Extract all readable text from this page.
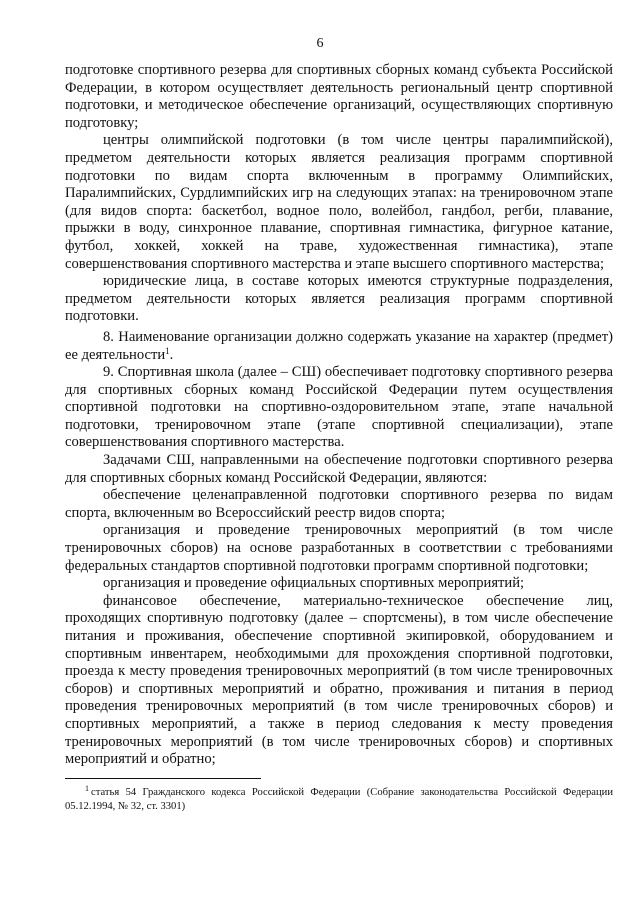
6

подготовке спортивного резерва для спортивных сборных команд субъекта Российской Федерации, в котором осуществляет деятельность региональный центр спортивной подготовки, и методическое обеспечение организаций, осуществляющих спортивную подготовку;

центры олимпийской подготовки (в том числе центры паралимпийской), предметом деятельности которых является реализация программ спортивной подготовки по видам спорта включенным в программу Олимпийских, Паралимпийских, Сурдлимпийских игр на следующих этапах: на тренировочном этапе (для видов спорта: баскетбол, водное поло, волейбол, гандбол, регби, плавание, прыжки в воду, синхронное плавание, спортивная гимнастика, фигурное катание, футбол, хоккей, хоккей на траве, художественная гимнастика), этапе совершенствования спортивного мастерства и этапе высшего спортивного мастерства;

юридические лица, в составе которых имеются структурные подразделения, предметом деятельности которых является реализация программ спортивной подготовки.

8. Наименование организации должно содержать указание на характер (предмет) ее деятельности$^1$.

9. Спортивная школа (далее – СШ) обеспечивает подготовку спортивного резерва для спортивных сборных команд Российской Федерации путем осуществления спортивной подготовки на спортивно-оздоровительном этапе, этапе начальной подготовки, тренировочном этапе (этапе спортивной специализации), этапе совершенствования спортивного мастерства.

Задачами СШ, направленными на обеспечение подготовки спортивного резерва для спортивных сборных команд Российской Федерации, являются:

обеспечение целенаправленной подготовки спортивного резерва по видам спорта, включенным во Всероссийский реестр видов спорта;

организация и проведение тренировочных мероприятий (в том числе тренировочных сборов) на основе разработанных в соответствии с требованиями федеральных стандартов спортивной подготовки программ спортивной подготовки;

организация и проведение официальных спортивных мероприятий;

финансовое обеспечение, материально-техническое обеспечение лиц, проходящих спортивную подготовку (далее – спортсмены), в том числе обеспечение питания и проживания, обеспечение спортивной экипировкой, оборудованием и спортивным инвентарем, необходимыми для прохождения спортивной подготовки, проезда к месту проведения тренировочных мероприятий (в том числе тренировочных сборов) и спортивных мероприятий и обратно, проживания и питания в период проведения тренировочных мероприятий (в том числе тренировочных сборов) и спортивных мероприятий, а также в период следования к месту проведения тренировочных мероприятий (в том числе тренировочных сборов) и спортивных мероприятий и обратно;

$^1$ статья 54 Гражданского кодекса Российской Федерации (Собрание законодательства Российской Федерации 05.12.1994, № 32, ст. 3301)
